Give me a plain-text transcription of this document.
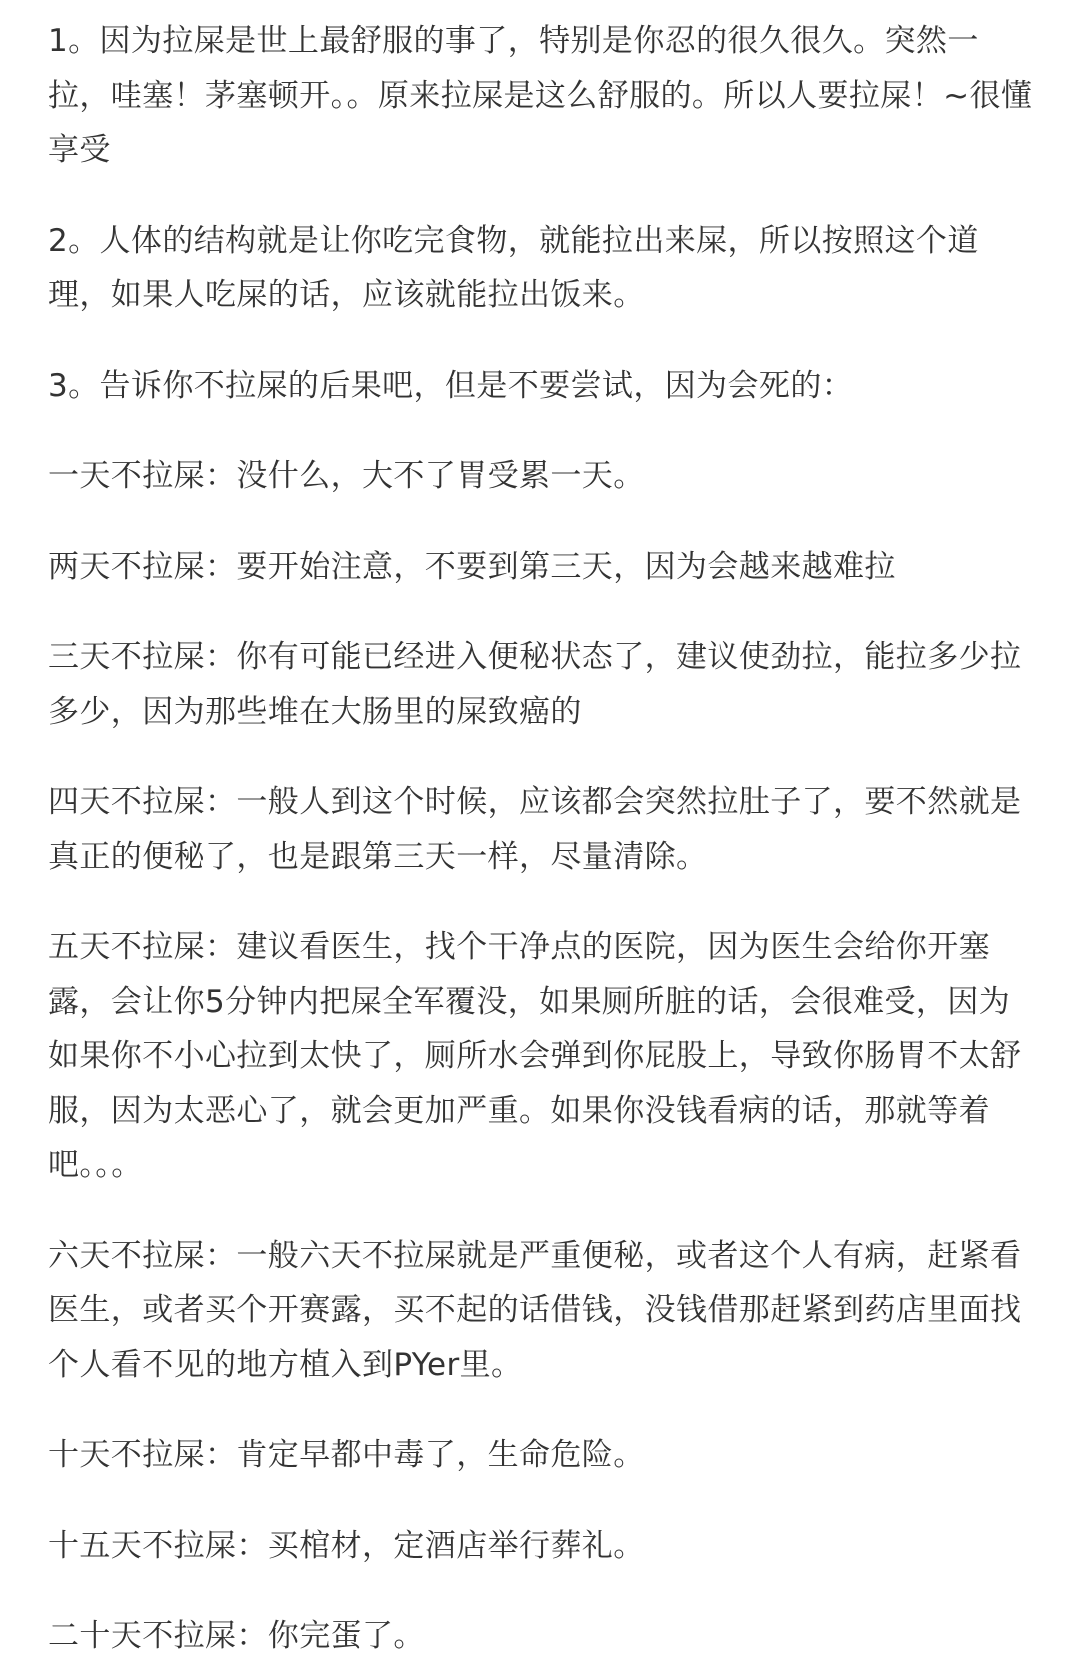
1。因为拉屎是世上最舒服的事了，特别是你忍的很久很久。突然一拉，哇塞！茅塞顿开。。原来拉屎是这么舒服的。所以人要拉屎！~很懂享受

2。人体的结构就是让你吃完食物，就能拉出来屎，所以按照这个道理，如果人吃屎的话，应该就能拉出饭来。

3。告诉你不拉屎的后果吧，但是不要尝试，因为会死的：

一天不拉屎：没什么，大不了胃受累一天。

两天不拉屎：要开始注意，不要到第三天，因为会越来越难拉

三天不拉屎：你有可能已经进入便秘状态了，建议使劲拉，能拉多少拉多少，因为那些堆在大肠里的屎致癌的

四天不拉屎：一般人到这个时候，应该都会突然拉肚子了，要不然就是真正的便秘了，也是跟第三天一样，尽量清除。

五天不拉屎：建议看医生，找个干净点的医院，因为医生会给你开塞露，会让你5分钟内把屎全军覆没，如果厕所脏的话，会很难受，因为如果你不小心拉到太快了，厕所水会弹到你屁股上，导致你肠胃不太舒服，因为太恶心了，就会更加严重。如果你没钱看病的话，那就等着吧。。。

六天不拉屎：一般六天不拉屎就是严重便秘，或者这个人有病，赶紧看医生，或者买个开赛露，买不起的话借钱，没钱借那赶紧到药店里面找个人看不见的地方植入到PYer里。

十天不拉屎：肯定早都中毒了，生命危险。

十五天不拉屎：买棺材，定酒店举行葬礼。

二十天不拉屎：你完蛋了。
